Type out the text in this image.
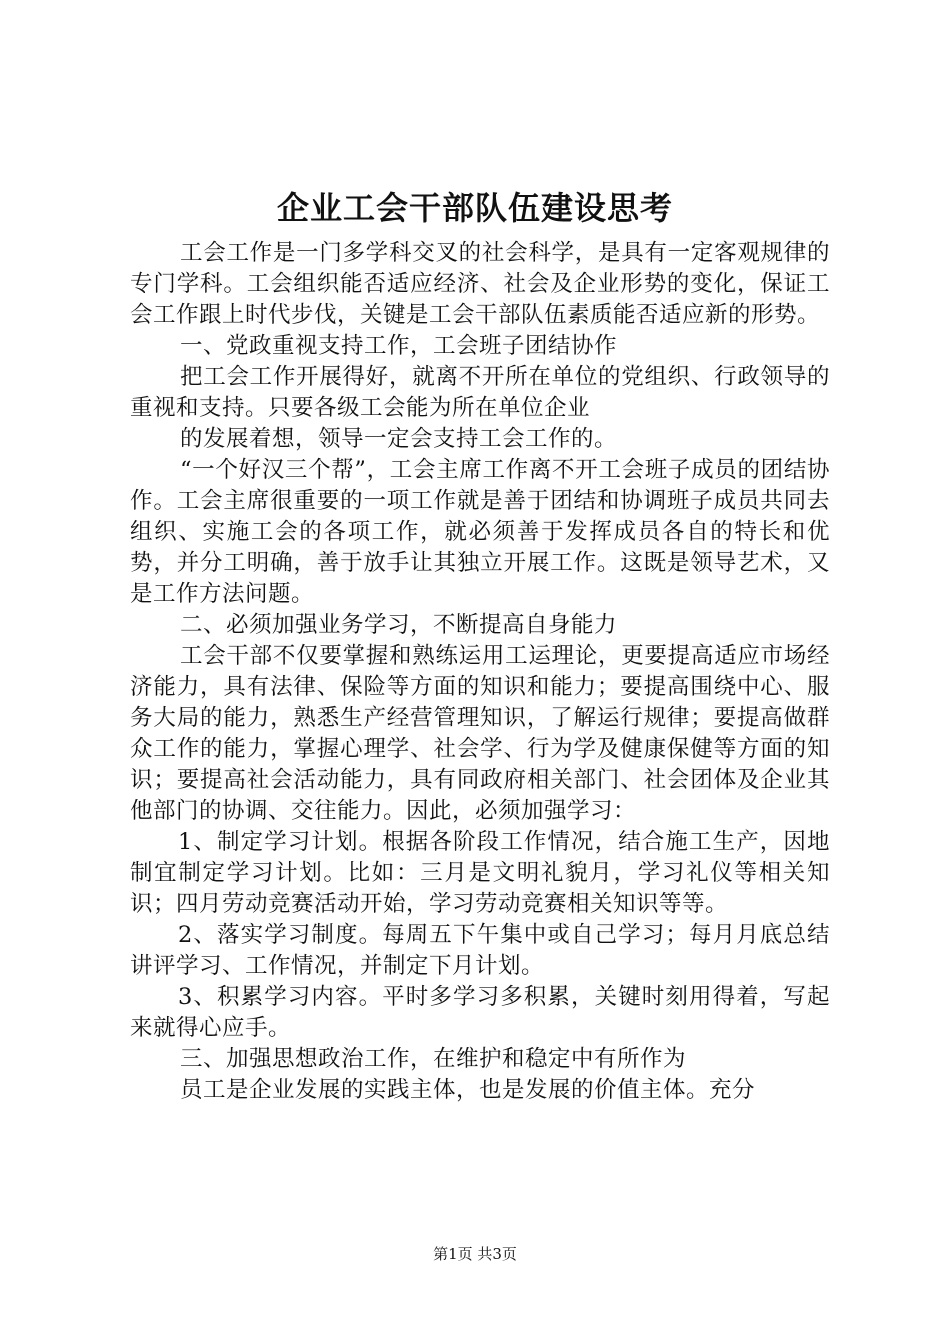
企业工会干部队伍建设思考

工会工作是一门多学科交叉的社会科学，是具有一定客观规律的专门学科。工会组织能否适应经济、社会及企业形势的变化，保证工会工作跟上时代步伐，关键是工会干部队伍素质能否适应新的形势。

一、党政重视支持工作，工会班子团结协作

把工会工作开展得好，就离不开所在单位的党组织、行政领导的重视和支持。只要各级工会能为所在单位企业

的发展着想，领导一定会支持工会工作的。

“一个好汉三个帮”，工会主席工作离不开工会班子成员的团结协作。工会主席很重要的一项工作就是善于团结和协调班子成员共同去组织、实施工会的各项工作，就必须善于发挥成员各自的特长和优势，并分工明确，善于放手让其独立开展工作。这既是领导艺术，又是工作方法问题。

二、必须加强业务学习，不断提高自身能力

工会干部不仅要掌握和熟练运用工运理论，更要提高适应市场经济能力，具有法律、保险等方面的知识和能力；要提高围绕中心、服务大局的能力，熟悉生产经营管理知识，了解运行规律；要提高做群众工作的能力，掌握心理学、社会学、行为学及健康保健等方面的知识；要提高社会活动能力，具有同政府相关部门、社会团体及企业其他部门的协调、交往能力。因此，必须加强学习：

1、制定学习计划。根据各阶段工作情况，结合施工生产，因地制宜制定学习计划。比如：三月是文明礼貌月，学习礼仪等相关知识；四月劳动竞赛活动开始，学习劳动竞赛相关知识等等。

2、落实学习制度。每周五下午集中或自己学习；每月月底总结讲评学习、工作情况，并制定下月计划。

3、积累学习内容。平时多学习多积累，关键时刻用得着，写起来就得心应手。

三、加强思想政治工作，在维护和稳定中有所作为

员工是企业发展的实践主体，也是发展的价值主体。充分

第1页 共3页
